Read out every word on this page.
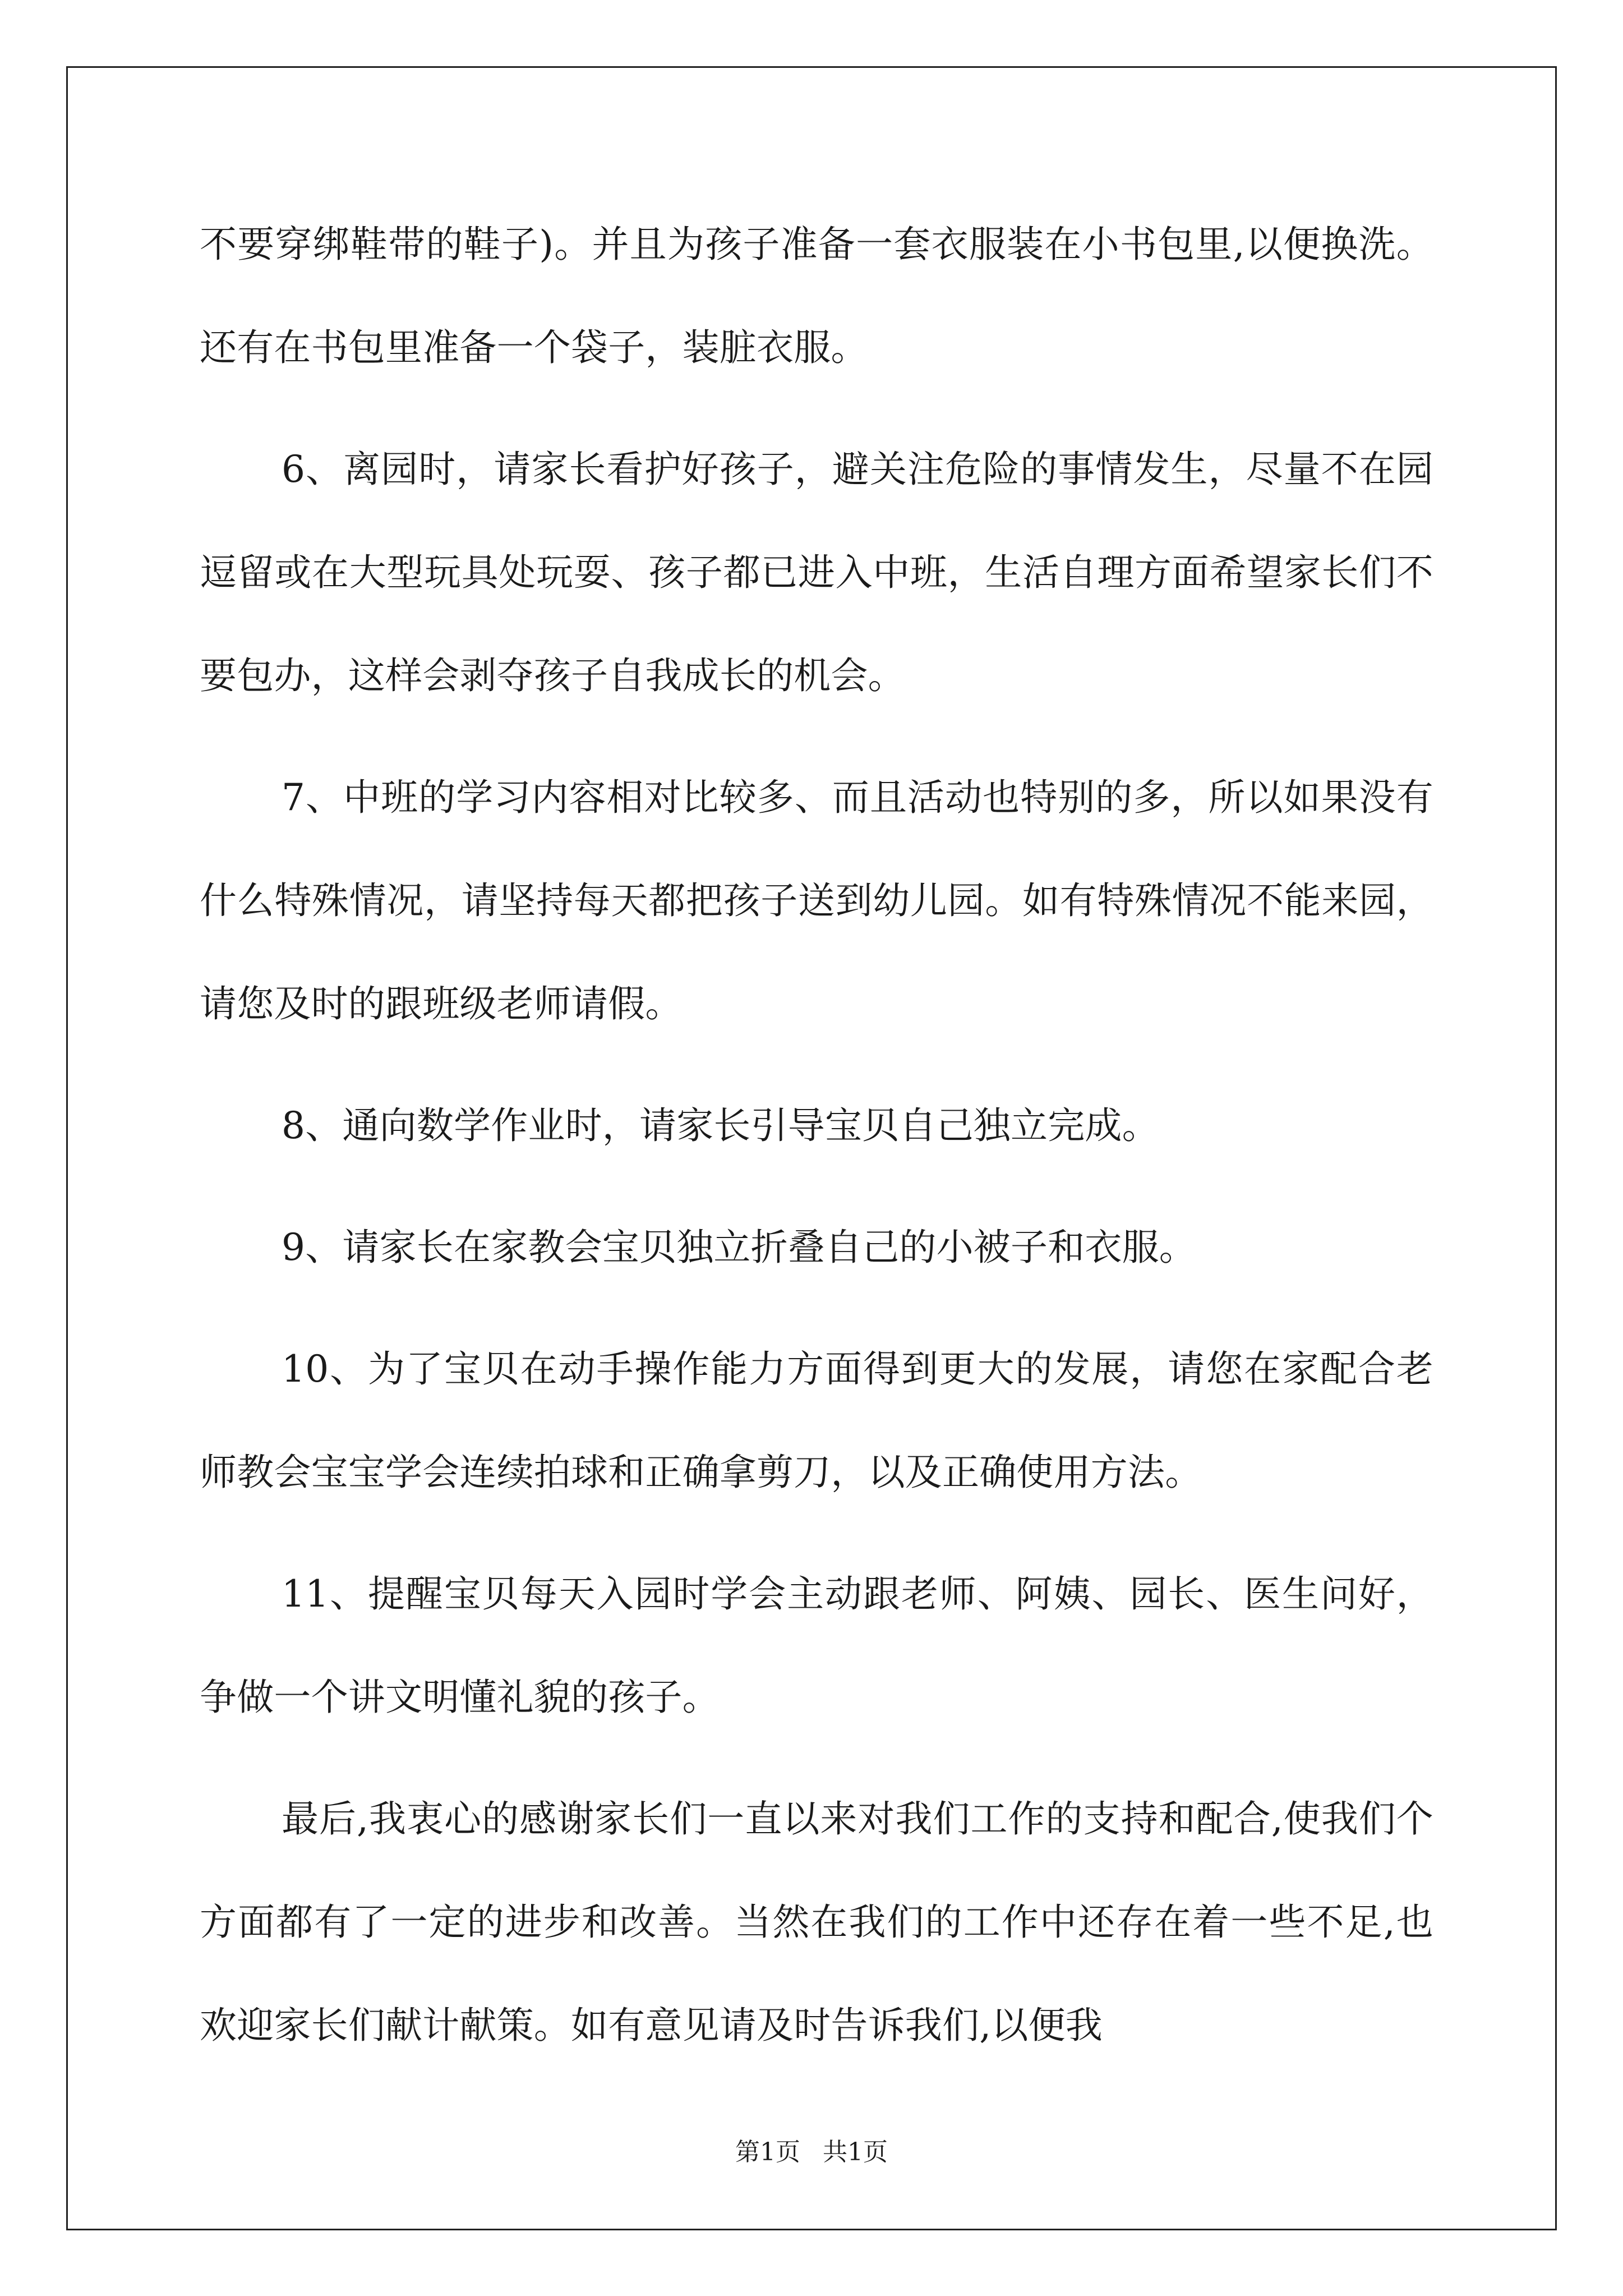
不要穿绑鞋带的鞋子)。并且为孩子准备一套衣服装在小书包里,以便换洗。还有在书包里准备一个袋子，装脏衣服。

6、离园时，请家长看护好孩子，避关注危险的事情发生，尽量不在园逗留或在大型玩具处玩耍、孩子都已进入中班，生活自理方面希望家长们不要包办，这样会剥夺孩子自我成长的机会。

7、中班的学习内容相对比较多、而且活动也特别的多，所以如果没有什么特殊情况，请坚持每天都把孩子送到幼儿园。如有特殊情况不能来园，请您及时的跟班级老师请假。

8、通向数学作业时，请家长引导宝贝自己独立完成。

9、请家长在家教会宝贝独立折叠自己的小被子和衣服。

10、为了宝贝在动手操作能力方面得到更大的发展，请您在家配合老师教会宝宝学会连续拍球和正确拿剪刀，以及正确使用方法。

11、提醒宝贝每天入园时学会主动跟老师、阿姨、园长、医生问好，争做一个讲文明懂礼貌的孩子。

最后,我衷心的感谢家长们一直以来对我们工作的支持和配合,使我们个方面都有了一定的进步和改善。当然在我们的工作中还存在着一些不足,也欢迎家长们献计献策。如有意见请及时告诉我们,以便我

第1页 共1页
